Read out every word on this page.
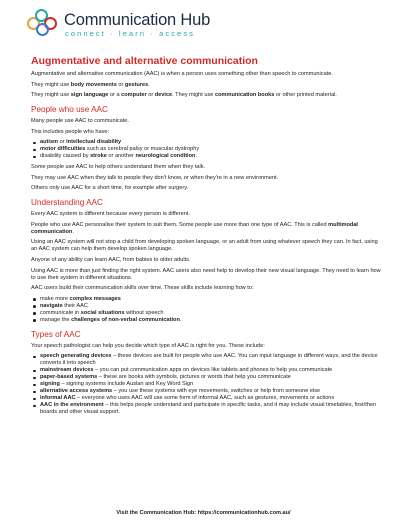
Communication Hub
connect · learn · access
Augmentative and alternative communication

Augmentative and alternative communication (AAC) is when a person uses something other than speech to communicate.

They might use body movements or gestures.

They might use sign language or a computer or device. They might use communication books or other printed material.

People who use AAC

Many people use AAC to communicate.

This includes people who have:

autism or intellectual disability
motor difficulties such as cerebral palsy or muscular dystrophy
disability caused by stroke or another neurological condition.

Some people use AAC to help others understand them when they talk.

They may use AAC when they talk to people they don't know, or when they're in a new environment.

Others only use AAC for a short time, for example after surgery.

Understanding AAC

Every AAC system is different because every person is different.

People who use AAC personalise their system to suit them. Some people use more than one type of AAC. This is called multimodal communication.

Using an AAC system will not stop a child from developing spoken language, or an adult from using whatever speech they can. In fact, using an AAC system can help them develop spoken language.

Anyone of any ability can learn AAC, from babies to older adults.

Using AAC is more than just finding the right system. AAC users also need help to develop their new visual language. They need to learn how to use their system in different situations.

AAC users build their communication skills over time. These skills include learning how to:

make more complex messages
navigate their AAC
communicate in social situations without speech
manage the challenges of non-verbal communication.
Types of AAC

Your speech pathologist can help you decide which type of AAC is right for you. These include:

speech generating devices – these devices are built for people who use AAC. You can input language in different ways, and the device converts it into speech
mainstream devices – you can put communication apps on devices like tablets and phones to help you communicate
paper-based systems – these are books with symbols, pictures or words that help you communicate
signing – signing systems include Auslan and Key Word Sign
alternative access systems – you use these systems with eye movements, switches or help from someone else
informal AAC – everyone who uses AAC will use some form of informal AAC, such as gestures, movements or actions
AAC in the environment – this helps people understand and participate in specific tasks, and it may include visual timetables, first/then boards and other visual support.
Visit the Communication Hub: https://communicationhub.com.au/
